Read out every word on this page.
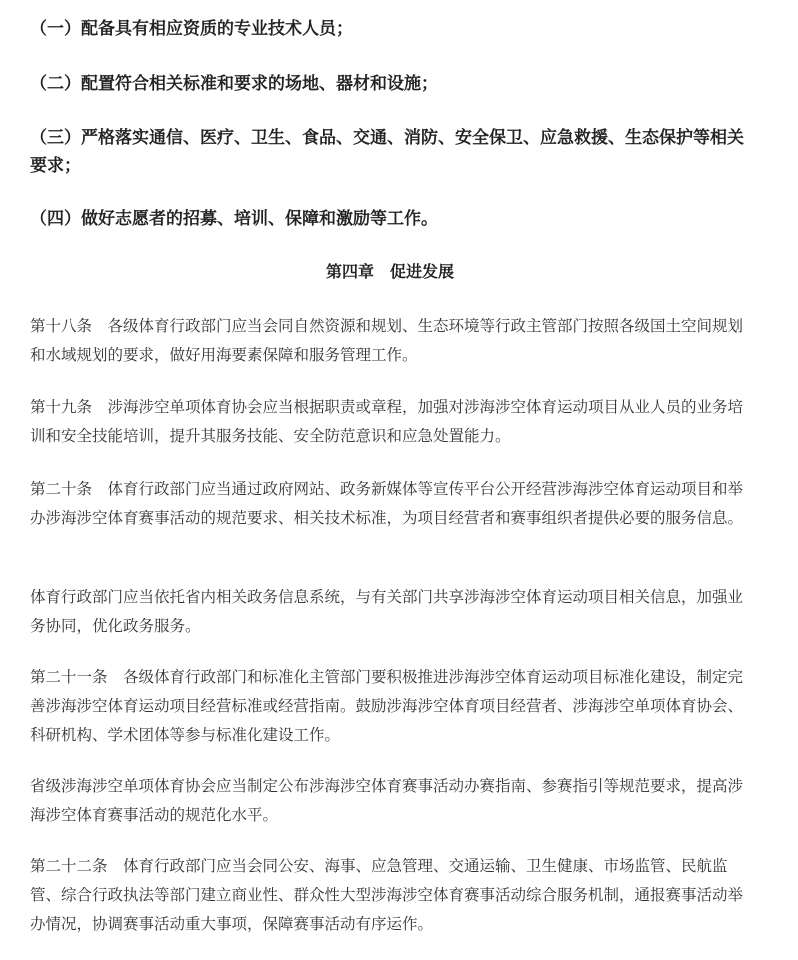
（一）配备具有相应资质的专业技术人员；

（二）配置符合相关标准和要求的场地、器材和设施；

（三）严格落实通信、医疗、卫生、食品、交通、消防、安全保卫、应急救援、生态保护等相关要求；

（四）做好志愿者的招募、培训、保障和激励等工作。

第四章　促进发展

第十八条　各级体育行政部门应当会同自然资源和规划、生态环境等行政主管部门按照各级国土空间规划和水域规划的要求，做好用海要素保障和服务管理工作。

第十九条　涉海涉空单项体育协会应当根据职责或章程，加强对涉海涉空体育运动项目从业人员的业务培训和安全技能培训，提升其服务技能、安全防范意识和应急处置能力。

第二十条　体育行政部门应当通过政府网站、政务新媒体等宣传平台公开经营涉海涉空体育运动项目和举办涉海涉空体育赛事活动的规范要求、相关技术标准，为项目经营者和赛事组织者提供必要的服务信息。

体育行政部门应当依托省内相关政务信息系统，与有关部门共享涉海涉空体育运动项目相关信息，加强业务协同，优化政务服务。

第二十一条　各级体育行政部门和标准化主管部门要积极推进涉海涉空体育运动项目标准化建设，制定完善涉海涉空体育运动项目经营标准或经营指南。鼓励涉海涉空体育项目经营者、涉海涉空单项体育协会、科研机构、学术团体等参与标准化建设工作。

省级涉海涉空单项体育协会应当制定公布涉海涉空体育赛事活动办赛指南、参赛指引等规范要求，提高涉海涉空体育赛事活动的规范化水平。

第二十二条　体育行政部门应当会同公安、海事、应急管理、交通运输、卫生健康、市场监管、民航监管、综合行政执法等部门建立商业性、群众性大型涉海涉空体育赛事活动综合服务机制，通报赛事活动举办情况，协调赛事活动重大事项，保障赛事活动有序运作。
